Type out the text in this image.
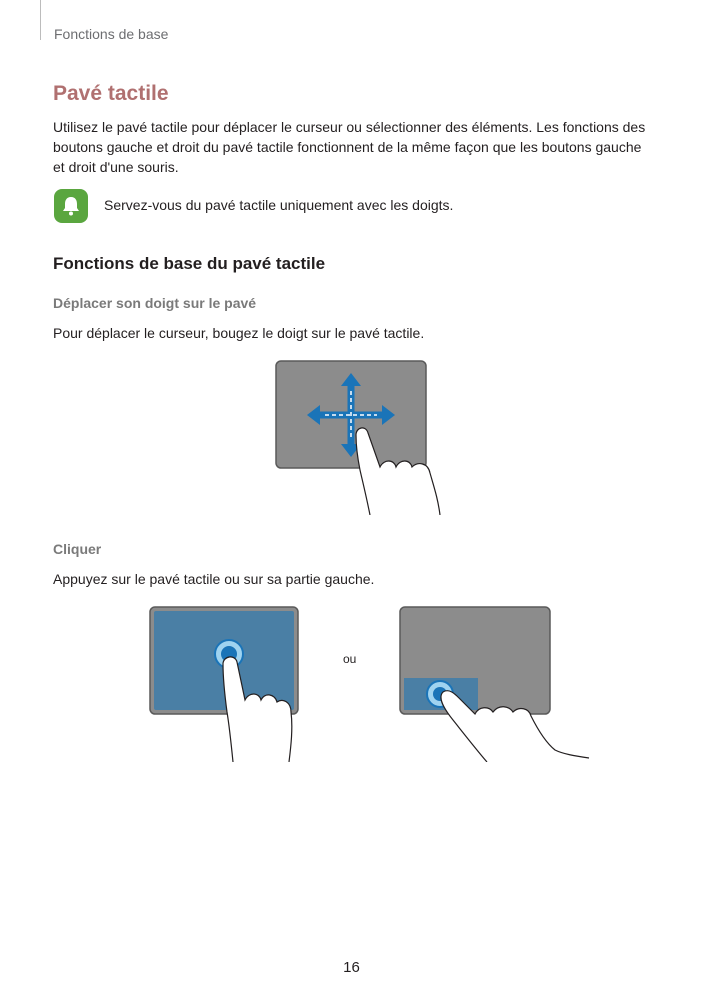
Fonctions de base
Pavé tactile
Utilisez le pavé tactile pour déplacer le curseur ou sélectionner des éléments. Les fonctions des boutons gauche et droit du pavé tactile fonctionnent de la même façon que les boutons gauche et droit d'une souris.
Servez-vous du pavé tactile uniquement avec les doigts.
Fonctions de base du pavé tactile
Déplacer son doigt sur le pavé
Pour déplacer le curseur, bougez le doigt sur le pavé tactile.
Cliquer
Appuyez sur le pavé tactile ou sur sa partie gauche.
ou
16
